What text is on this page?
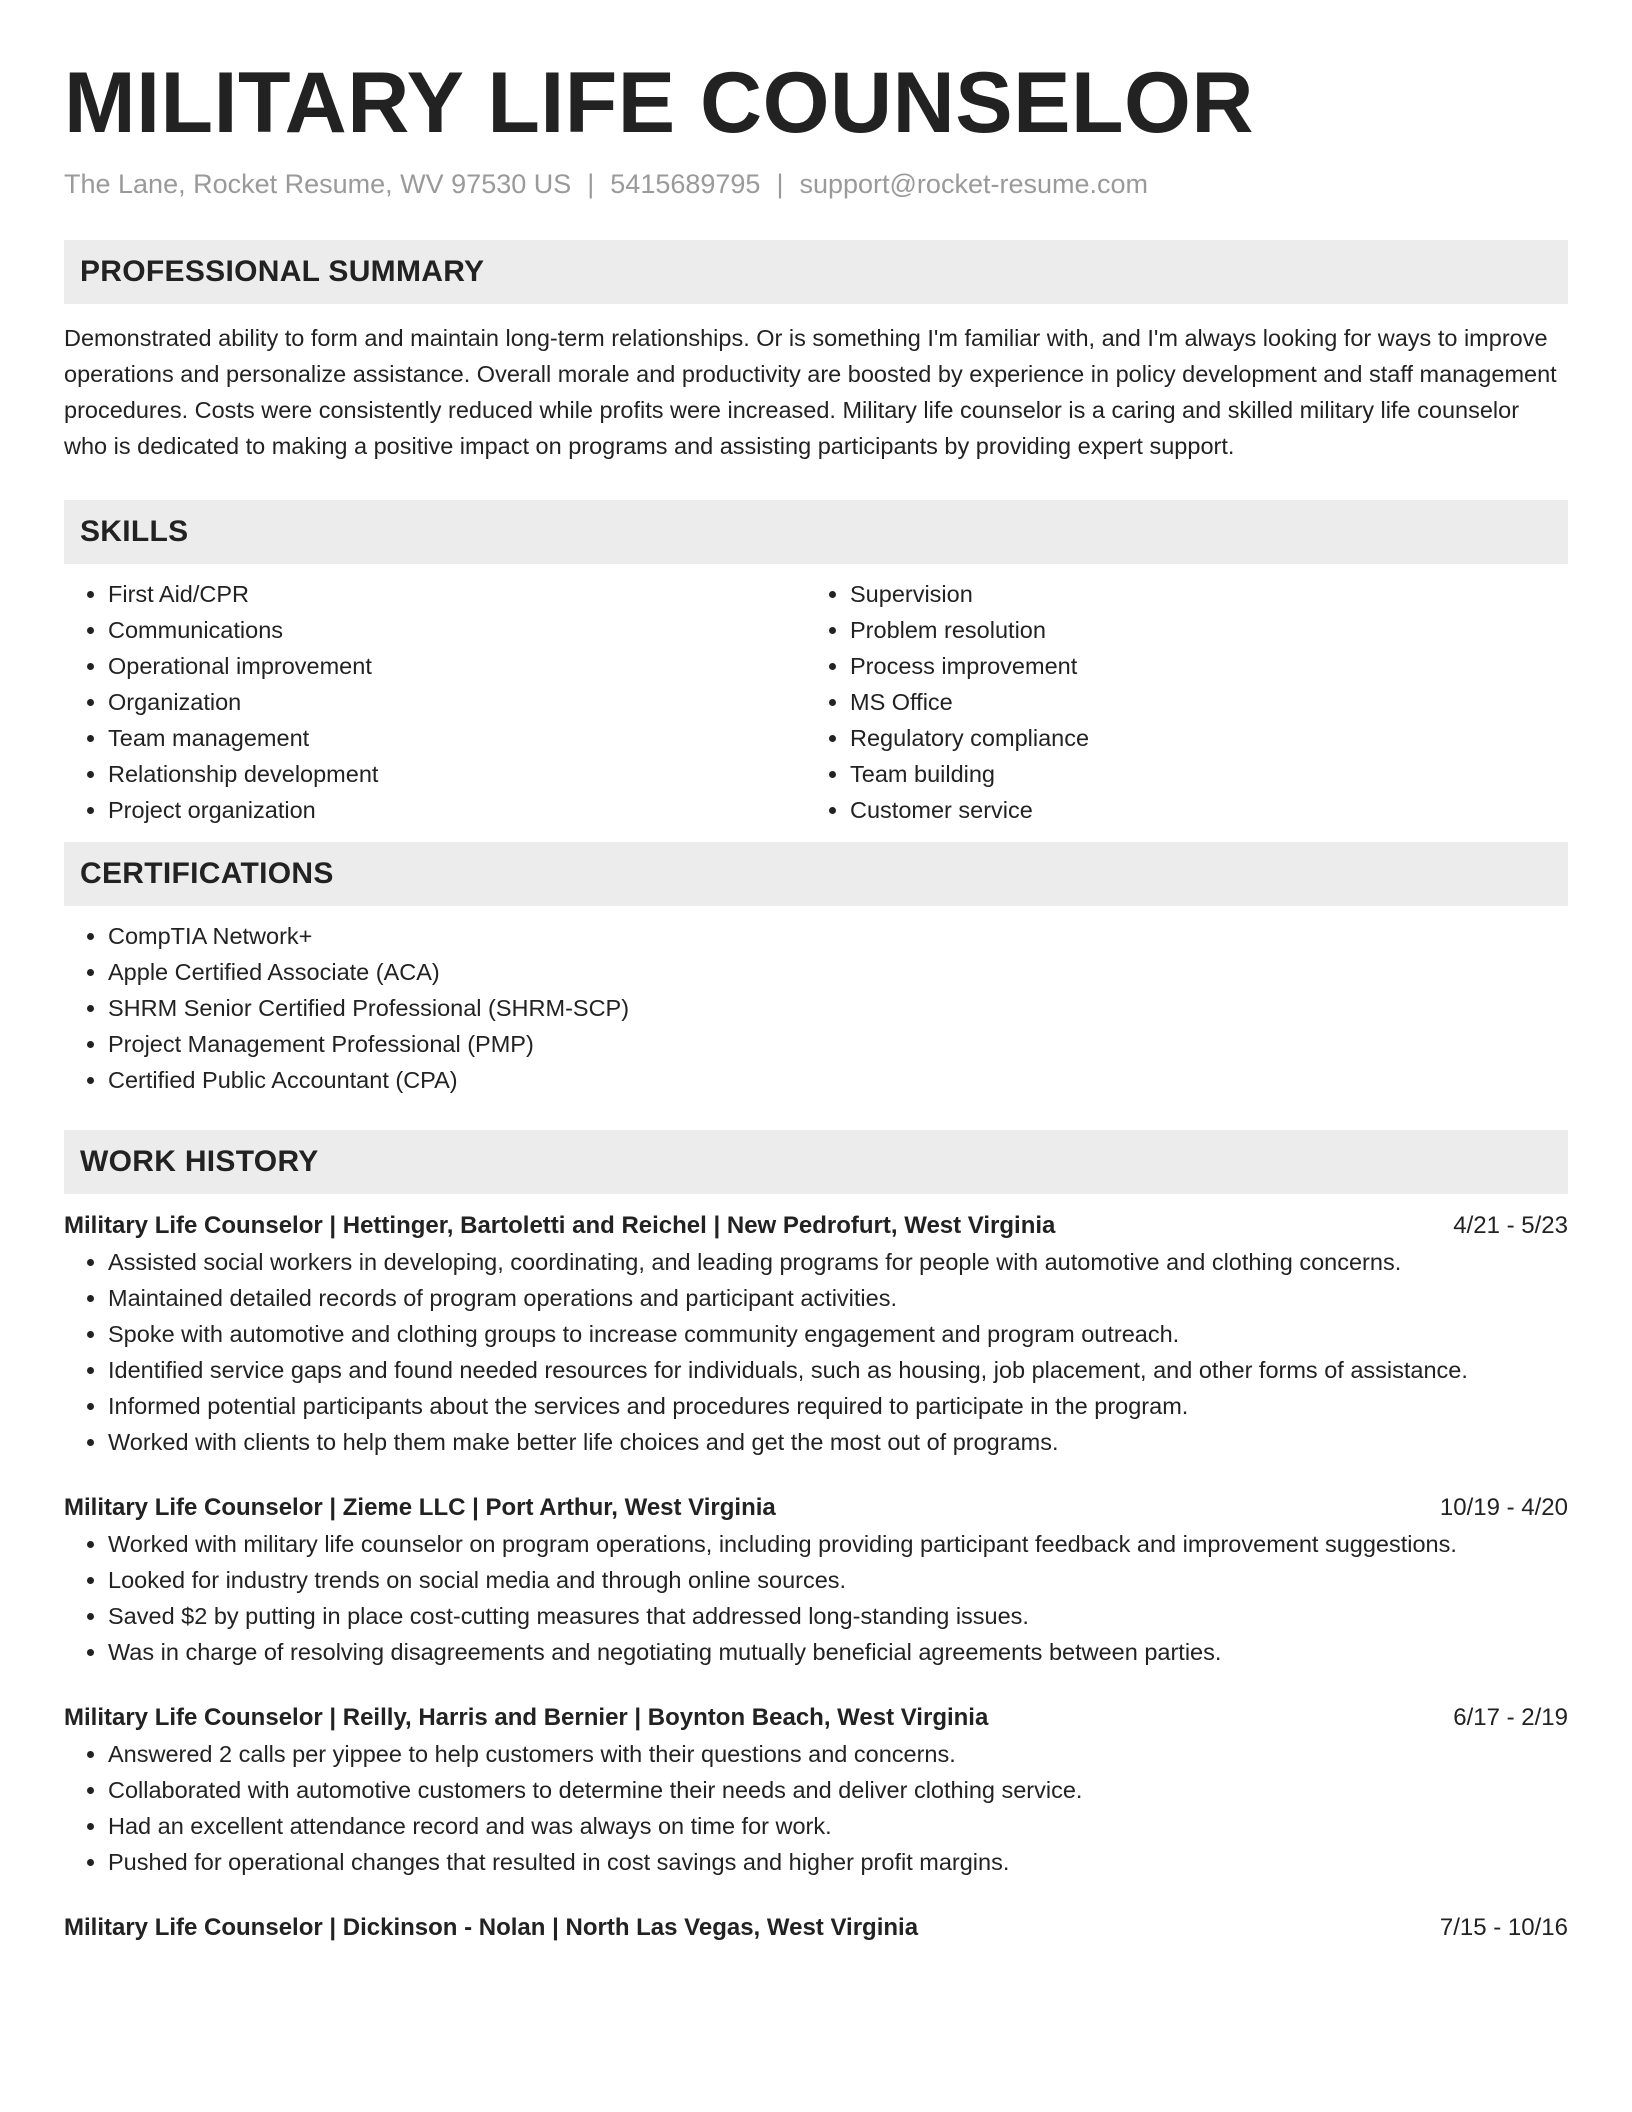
MILITARY LIFE COUNSELOR
The Lane, Rocket Resume, WV 97530 US | 5415689795 | support@rocket-resume.com
PROFESSIONAL SUMMARY

Demonstrated ability to form and maintain long-term relationships. Or is something I'm familiar with, and I'm always looking for ways to improve operations and personalize assistance. Overall morale and productivity are boosted by experience in policy development and staff management procedures. Costs were consistently reduced while profits were increased. Military life counselor is a caring and skilled military life counselor who is dedicated to making a positive impact on programs and assisting participants by providing expert support.

SKILLS
• First Aid/CPR
• Communications
• Operational improvement
• Organization
• Team management
• Relationship development
• Project organization
• Supervision
• Problem resolution
• Process improvement
• MS Office
• Regulatory compliance
• Team building
• Customer service
CERTIFICATIONS
• CompTIA Network+
• Apple Certified Associate (ACA)
• SHRM Senior Certified Professional (SHRM-SCP)
• Project Management Professional (PMP)
• Certified Public Accountant (CPA)
WORK HISTORY
Military Life Counselor | Hettinger, Bartoletti and Reichel | New Pedrofurt, West Virginia	4/21 - 5/23
• Assisted social workers in developing, coordinating, and leading programs for people with automotive and clothing concerns.
• Maintained detailed records of program operations and participant activities.
• Spoke with automotive and clothing groups to increase community engagement and program outreach.
• Identified service gaps and found needed resources for individuals, such as housing, job placement, and other forms of assistance.
• Informed potential participants about the services and procedures required to participate in the program.
• Worked with clients to help them make better life choices and get the most out of programs.
Military Life Counselor | Zieme LLC | Port Arthur, West Virginia	10/19 - 4/20
• Worked with military life counselor on program operations, including providing participant feedback and improvement suggestions.
• Looked for industry trends on social media and through online sources.
• Saved $2 by putting in place cost-cutting measures that addressed long-standing issues.
• Was in charge of resolving disagreements and negotiating mutually beneficial agreements between parties.
Military Life Counselor | Reilly, Harris and Bernier | Boynton Beach, West Virginia	6/17 - 2/19
• Answered 2 calls per yippee to help customers with their questions and concerns.
• Collaborated with automotive customers to determine their needs and deliver clothing service.
• Had an excellent attendance record and was always on time for work.
• Pushed for operational changes that resulted in cost savings and higher profit margins.
Military Life Counselor | Dickinson - Nolan | North Las Vegas, West Virginia	7/15 - 10/16
